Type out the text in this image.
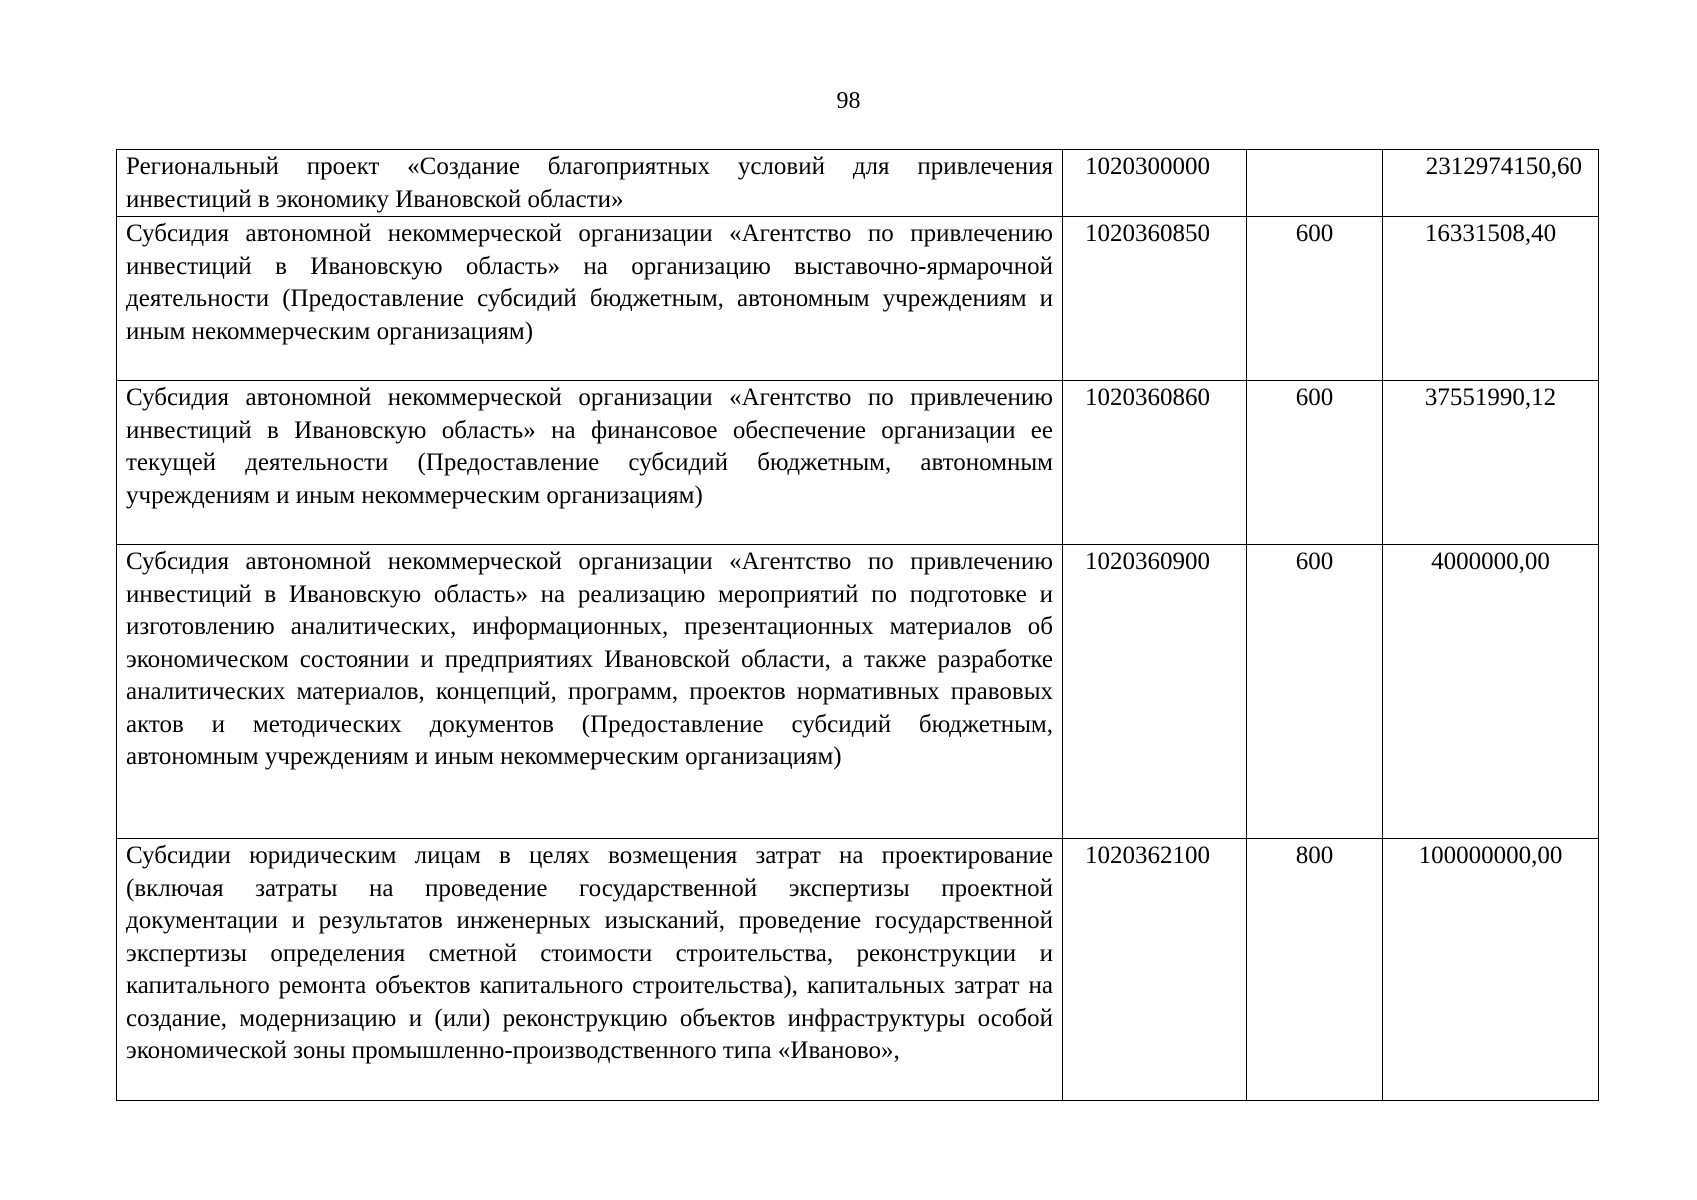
98
Региональный проект «Создание благоприятных условий для привлечения инвестиций в экономику Ивановской области»	1020300000		2312974150,60
Субсидия автономной некоммерческой организации «Агентство по привлечению инвестиций в Ивановскую область» на организацию выставочно-ярмарочной деятельности (Предоставление субсидий бюджетным, автономным учреждениям и иным некоммерческим организациям)	1020360850	600	16331508,40
Субсидия автономной некоммерческой организации «Агентство по привлечению инвестиций в Ивановскую область» на финансовое обеспечение организации ее текущей деятельности (Предоставление субсидий бюджетным, автономным учреждениям и иным некоммерческим организациям)	1020360860	600	37551990,12
Субсидия автономной некоммерческой организации «Агентство по привлечению инвестиций в Ивановскую область» на реализацию мероприятий по подготовке и изготовлению аналитических, информационных, презентационных материалов об экономическом состоянии и предприятиях Ивановской области, а также разработке аналитических материалов, концепций, программ, проектов нормативных правовых актов и методических документов (Предоставление субсидий бюджетным, автономным учреждениям и иным некоммерческим организациям)	1020360900	600	4000000,00
Субсидии юридическим лицам в целях возмещения затрат на проектирование (включая затраты на проведение государственной экспертизы проектной документации и результатов инженерных изысканий, проведение государственной экспертизы определения сметной стоимости строительства, реконструкции и капитального ремонта объектов капитального строительства), капитальных затрат на создание, модернизацию и (или) реконструкцию объектов инфраструктуры особой экономической зоны промышленно-производственного типа «Иваново»,	1020362100	800	100000000,00
